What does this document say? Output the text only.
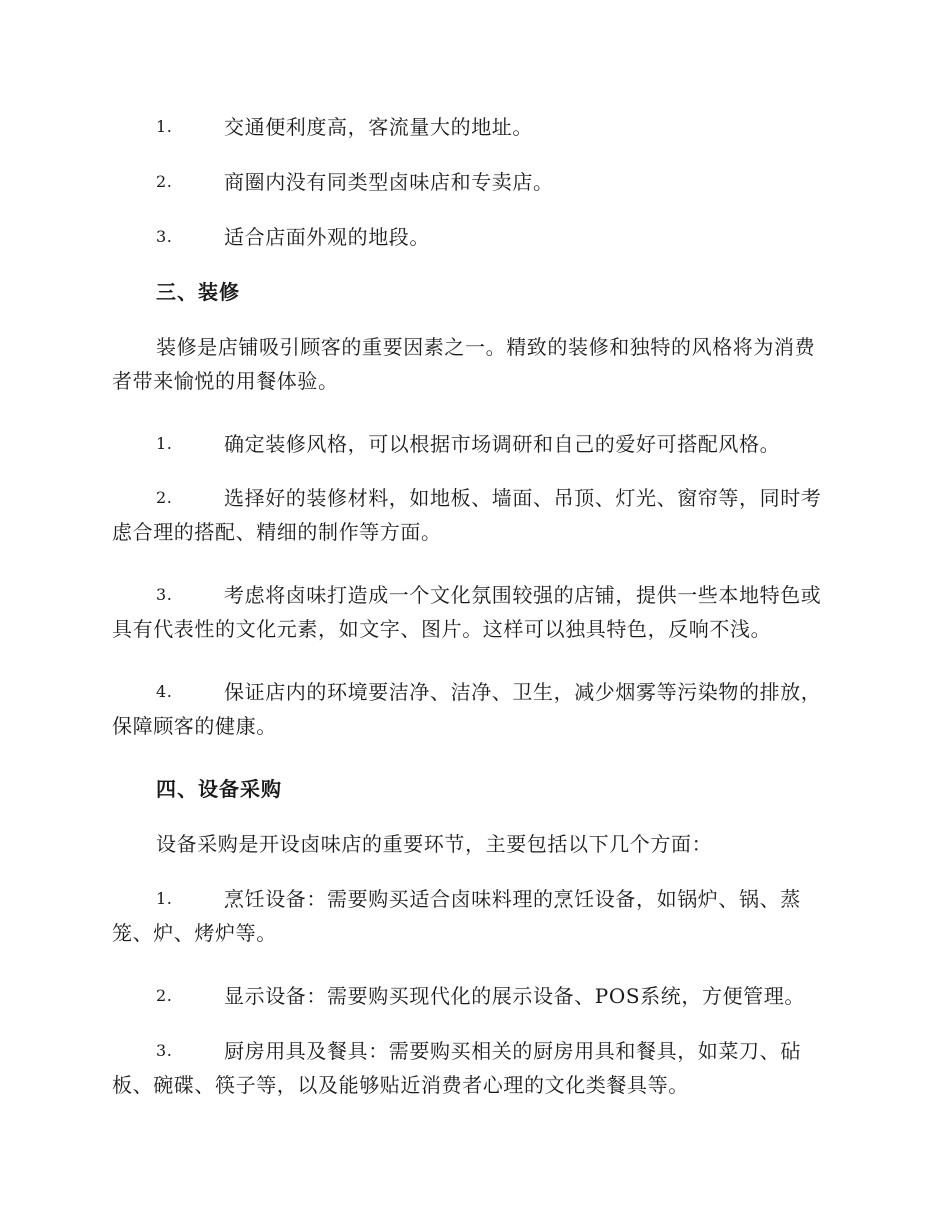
1.	交通便利度高，客流量大的地址。
2.	商圈内没有同类型卤味店和专卖店。
3.	适合店面外观的地段。
三、装修
装修是店铺吸引顾客的重要因素之一。精致的装修和独特的风格将为消费者带来愉悦的用餐体验。
1.	确定装修风格，可以根据市场调研和自己的爱好可搭配风格。
2.	选择好的装修材料，如地板、墙面、吊顶、灯光、窗帘等，同时考虑合理的搭配、精细的制作等方面。
3.	考虑将卤味打造成一个文化氛围较强的店铺，提供一些本地特色或具有代表性的文化元素，如文字、图片。这样可以独具特色，反响不浅。
4.	保证店内的环境要洁净、洁净、卫生，减少烟雾等污染物的排放，保障顾客的健康。
四、设备采购
设备采购是开设卤味店的重要环节，主要包括以下几个方面：
1.	烹饪设备：需要购买适合卤味料理的烹饪设备，如锅炉、锅、蒸笼、炉、烤炉等。
2.	显示设备：需要购买现代化的展示设备、POS系统，方便管理。
3.	厨房用具及餐具：需要购买相关的厨房用具和餐具，如菜刀、砧板、碗碟、筷子等，以及能够贴近消费者心理的文化类餐具等。
